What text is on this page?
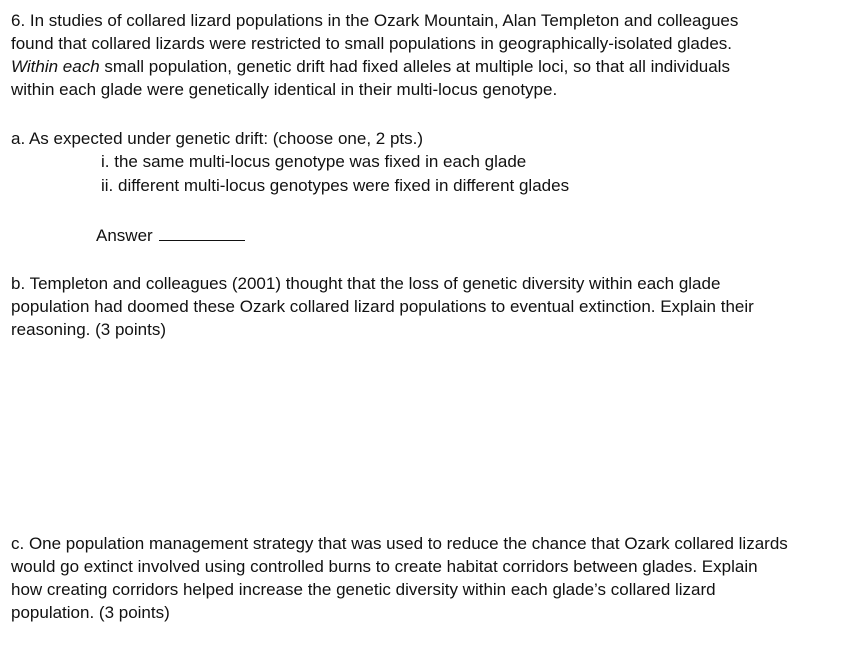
6. In studies of collared lizard populations in the Ozark Mountain, Alan Templeton and colleagues
found that collared lizards were restricted to small populations in geographically-isolated glades.
Within each small population, genetic drift had fixed alleles at multiple loci, so that all individuals
within each glade were genetically identical in their multi-locus genotype.
a. As expected under genetic drift: (choose one, 2 pts.)
i. the same multi-locus genotype was fixed in each glade
ii. different multi-locus genotypes were fixed in different glades
Answer
b. Templeton and colleagues (2001) thought that the loss of genetic diversity within each glade
population had doomed these Ozark collared lizard populations to eventual extinction. Explain their
reasoning. (3 points)
c. One population management strategy that was used to reduce the chance that Ozark collared lizards
would go extinct involved using controlled burns to create habitat corridors between glades. Explain
how creating corridors helped increase the genetic diversity within each glade’s collared lizard
population. (3 points)
